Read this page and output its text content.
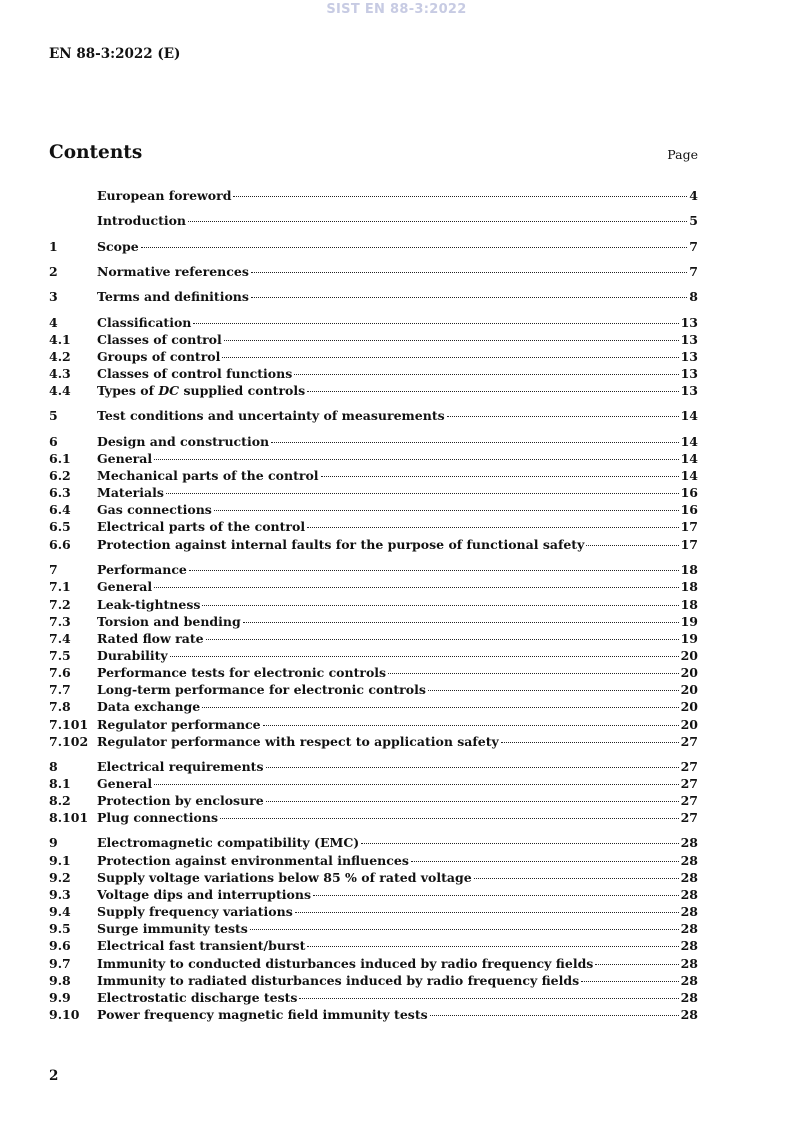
SIST EN 88-3:2022
EN 88-3:2022 (E)
Contents	Page
European foreword	4
Introduction	5
1	Scope	7
2	Normative references	7
3	Terms and definitions	8
4	Classification	13
4.1	Classes of control	13
4.2	Groups of control	13
4.3	Classes of control functions	13
4.4	Types of DC supplied controls	13
5	Test conditions and uncertainty of measurements	14
6	Design and construction	14
6.1	General	14
6.2	Mechanical parts of the control	14
6.3	Materials	16
6.4	Gas connections	16
6.5	Electrical parts of the control	17
6.6	Protection against internal faults for the purpose of functional safety	17
7	Performance	18
7.1	General	18
7.2	Leak-tightness	18
7.3	Torsion and bending	19
7.4	Rated flow rate	19
7.5	Durability	20
7.6	Performance tests for electronic controls	20
7.7	Long-term performance for electronic controls	20
7.8	Data exchange	20
7.101 Regulator performance	20
7.102 Regulator performance with respect to application safety	27
8	Electrical requirements	27
8.1	General	27
8.2	Protection by enclosure	27
8.101 Plug connections	27
9	Electromagnetic compatibility (EMC)	28
9.1	Protection against environmental influences	28
9.2	Supply voltage variations below 85 % of rated voltage	28
9.3	Voltage dips and interruptions	28
9.4	Supply frequency variations	28
9.5	Surge immunity tests	28
9.6	Electrical fast transient/burst	28
9.7	Immunity to conducted disturbances induced by radio frequency fields	28
9.8	Immunity to radiated disturbances induced by radio frequency fields	28
9.9	Electrostatic discharge tests	28
9.10	Power frequency magnetic field immunity tests	28
2
